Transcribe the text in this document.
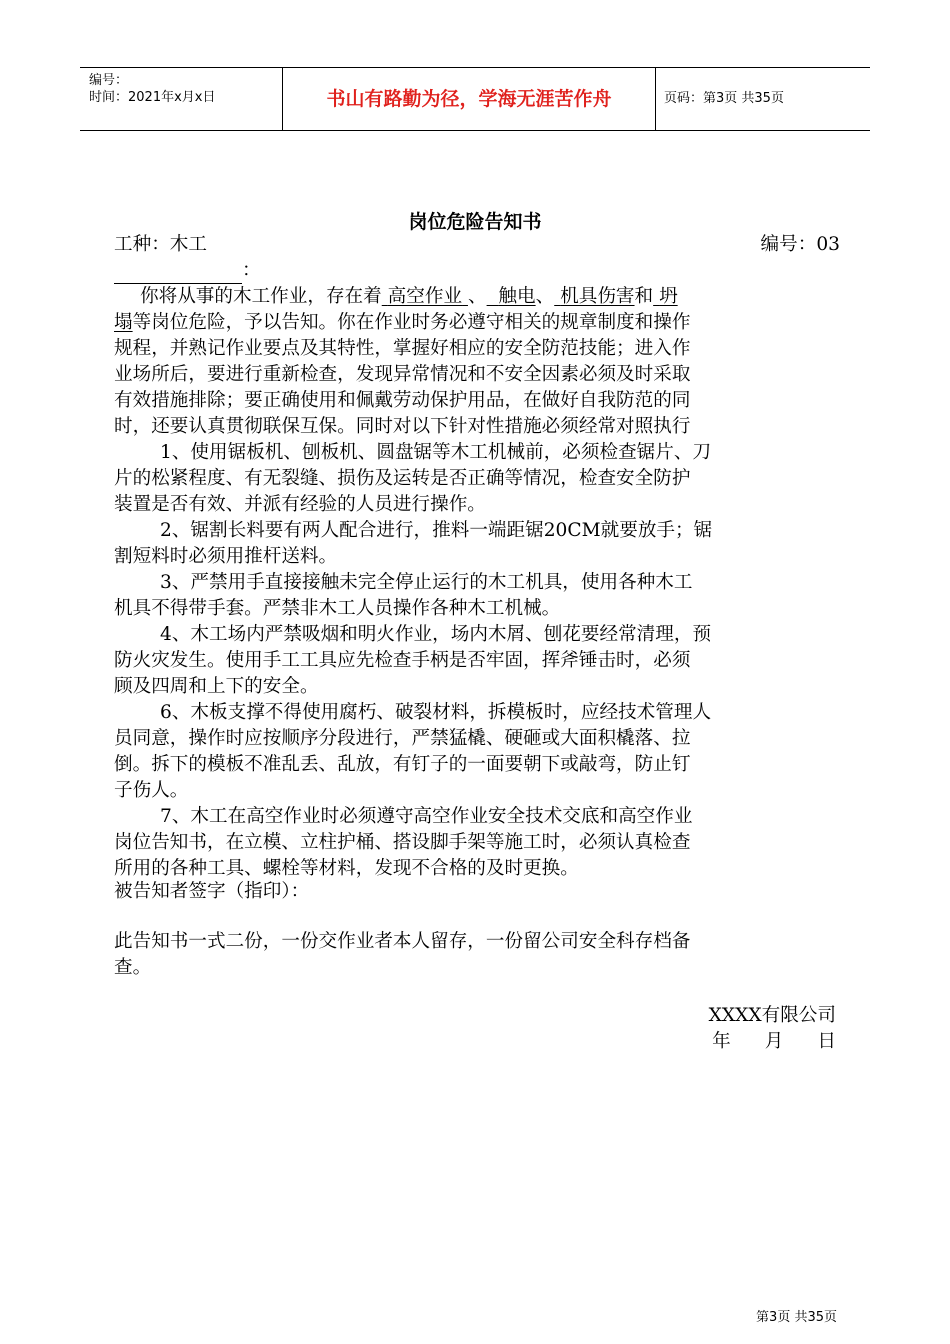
编号：
时间：2021年x月x日	书山有路勤为径，学海无涯苦作舟	页码：第3页 共35页
岗位危险告知书
工种：木工	编号：03
：
你将从事的木工作业，存在着 高空作业 、 触电、 机具伤害和 坍
塌等岗位危险，予以告知。你在作业时务必遵守相关的规章制度和操作
规程，并熟记作业要点及其特性，掌握好相应的安全防范技能；进入作
业场所后，要进行重新检查，发现异常情况和不安全因素必须及时采取
有效措施排除；要正确使用和佩戴劳动保护用品，在做好自我防范的同
时，还要认真贯彻联保互保。同时对以下针对性措施必须经常对照执行
1、使用锯板机、刨板机、圆盘锯等木工机械前，必须检查锯片、刀
片的松紧程度、有无裂缝、损伤及运转是否正确等情况，检查安全防护
装置是否有效、并派有经验的人员进行操作。
2、锯割长料要有两人配合进行，推料一端距锯20CM就要放手；锯
割短料时必须用推杆送料。
3、严禁用手直接接触未完全停止运行的木工机具，使用各种木工
机具不得带手套。严禁非木工人员操作各种木工机械。
4、木工场内严禁吸烟和明火作业，场内木屑、刨花要经常清理，预
防火灾发生。使用手工工具应先检查手柄是否牢固，挥斧锤击时，必须
顾及四周和上下的安全。
6、木板支撑不得使用腐朽、破裂材料，拆模板时，应经技术管理人
员同意，操作时应按顺序分段进行，严禁猛橇、硬砸或大面积橇落、拉
倒。拆下的模板不准乱丢、乱放，有钉子的一面要朝下或敲弯，防止钉
子伤人。
7、木工在高空作业时必须遵守高空作业安全技术交底和高空作业
岗位告知书，在立模、立柱护桶、搭设脚手架等施工时，必须认真检查
所用的各种工具、螺栓等材料，发现不合格的及时更换。
被告知者签字（指印）：
此告知书一式二份，一份交作业者本人留存，一份留公司安全科存档备
查。
XXXX有限公司
年 月 日
第3页 共35页
